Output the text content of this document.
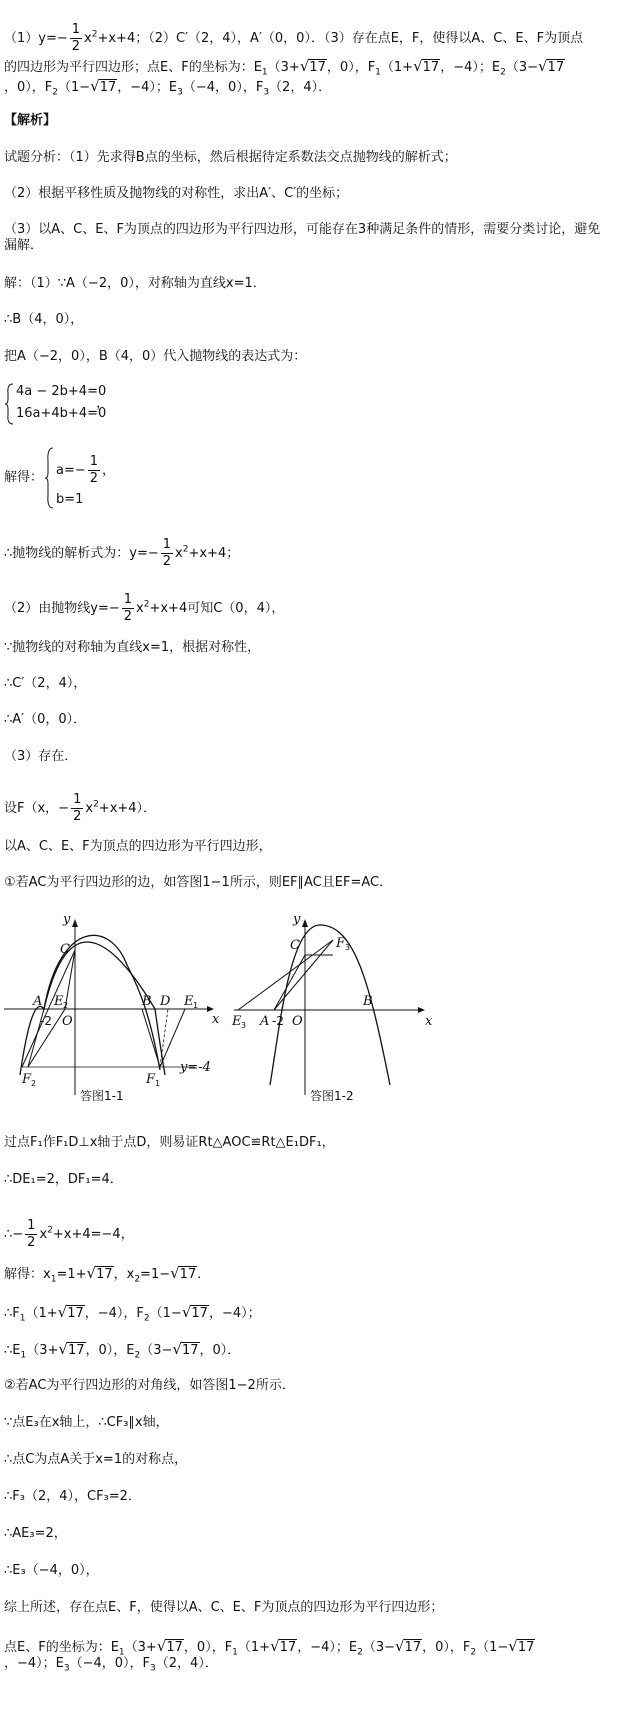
$(1)y=- \frac{1}{2} x^2+x+4$；（2）C′（2，4），A′（0，0）．（3）存在点E，F，使得以A、C、E、F为顶点
的四边形为平行四边形；点E、F的坐标为：$E_1(3+√17$，0），$F_1(1+√17$，−4）；$E_2(3-√17$
，0），$F_2(1-√17$，−4）；$E_3(-4$，0），$F_3(2$，4）．
【解析】
试题分析：（1）先求得B点的坐标，然后根据待定系数法交点抛物线的解析式；
（2）根据平移性质及抛物线的对称性，求出A′、C′的坐标；
（3）以A、C、E、F为顶点的四边形为平行四边形，可能存在3种满足条件的情形，需要分类讨论，避免
漏解．
解：（1）∵A（−2，0），对称轴为直线x=1．
∴B（4，0），
把A（−2，0），B（4，0）代入抛物线的表达式为：
4a − 2b+4=0
16a+4b+4=0
，
解得： $a=- \frac{1}{2}$ ，
b=1
∴抛物线的解析式为：$y=- \frac{1}{2} x^2+x+4$；
（2）由抛物线$y=- \frac{1}{2} x^2+x+4$可知C（0，4），
∵抛物线的对称轴为直线x=1，根据对称性，
∴C′（2，4），
∴A′（0，0）．
（3）存在．
设F（x，− $\frac{1}{2} x^2+x+4$）．
以A、C、E、F为顶点的四边形为平行四边形，
①若AC为平行四边形的边，如答图1−1所示，则EF∥AC且EF=AC．
y
x
C
A E 2	B D E 1
-2 O
F 2	F 1
y=-4
答图1-1
y
x
C	F 3
E 3 A -2 O
B
答图1-2
过点F₁作F₁D⊥x轴于点D，则易证Rt△AOC≌Rt△E₁DF₁，
∴DE₁=2，DF₁=4．
∴− $\frac{1}{2} x^2+x+4=-4$，
解得：$x_1=1+√17$，$x_2=1-√17$．
$\therefore F_1(1+√17$，−4），$F_2(1-√17$，−4）；
$\therefore E_1(3+√17$，0），$E_2(3-√17$，0）．
②若AC为平行四边形的对角线，如答图1−2所示．
∵点E₃在x轴上，∴CF₃∥x轴，
∴点C为点A关于x=1的对称点，
∴F₃（2，4），CF₃=2．
∴AE₃=2，
∴E₃（−4，0），
综上所述，存在点E、F，使得以A、C、E、F为顶点的四边形为平行四边形；
点E、F的坐标为：$E_1(3+√17$，0），$F_1(1+√17$，−4）；$E_2(3-√17$，0），$F_2(1-√17$
，−4）；$E_3(-4$，0），$F_3(2$，4）．
